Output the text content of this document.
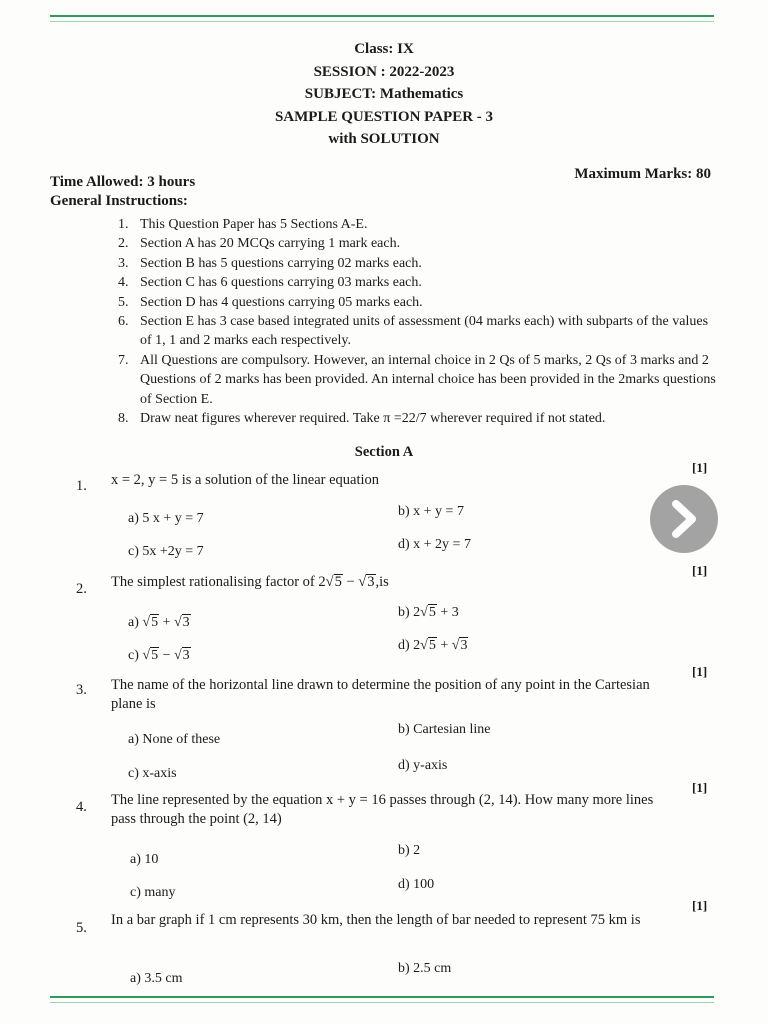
Class: IX
SESSION : 2022-2023
SUBJECT: Mathematics
SAMPLE QUESTION PAPER - 3
with SOLUTION
Time Allowed: 3 hours	Maximum Marks: 80
General Instructions:
1. This Question Paper has 5 Sections A-E.
2. Section A has 20 MCQs carrying 1 mark each.
3. Section B has 5 questions carrying 02 marks each.
4. Section C has 6 questions carrying 03 marks each.
5. Section D has 4 questions carrying 05 marks each.
6. Section E has 3 case based integrated units of assessment (04 marks each) with subparts of the values of 1, 1 and 2 marks each respectively.
7. All Questions are compulsory. However, an internal choice in 2 Qs of 5 marks, 2 Qs of 3 marks and 2 Questions of 2 marks has been provided. An internal choice has been provided in the 2marks questions of Section E.
8. Draw neat figures wherever required. Take π =22/7 wherever required if not stated.
Section A
1. x = 2, y = 5 is a solution of the linear equation
[1]
a) 5 x + y = 7	b) x + y = 7
c) 5x +2y = 7	d) x + 2y = 7
2. The simplest rationalising factor of 2√5 − √3,is
[1]
a) √5 + √3
b) 2√5 + 3
c) √5 − √3
d) 2√5 + √3
3. The name of the horizontal line drawn to determine the position of any point in the Cartesian plane is
[1]
a) None of these
b) Cartesian line
c) x-axis
d) y-axis
4. The line represented by the equation x + y = 16 passes through (2, 14). How many more lines pass through the point (2, 14)
[1]
a) 10
b) 2
c) many
d) 100
5. In a bar graph if 1 cm represents 30 km, then the length of bar needed to represent 75 km is
[1]
a) 3.5 cm
b) 2.5 cm
